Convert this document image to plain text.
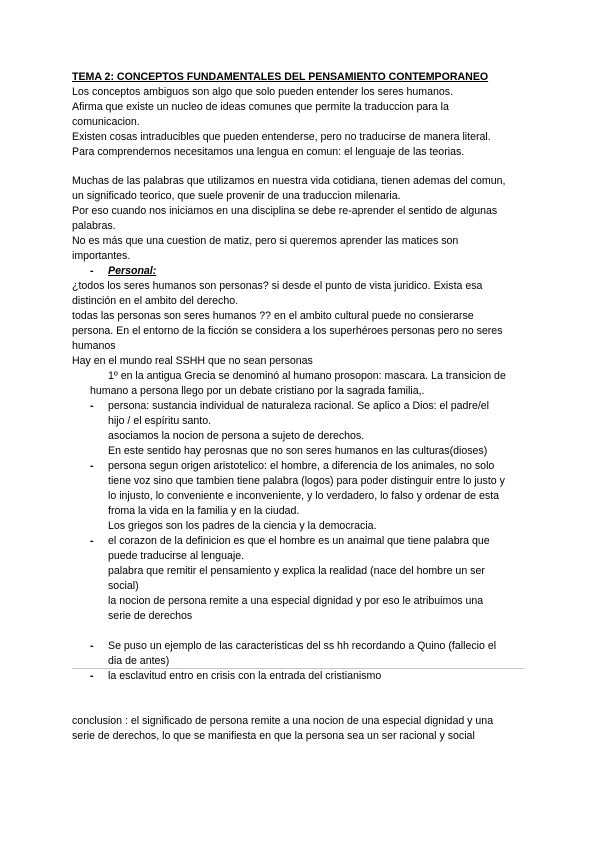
TEMA 2: CONCEPTOS FUNDAMENTALES DEL PENSAMIENTO CONTEMPORANEO
Los conceptos ambiguos son algo que solo pueden entender los seres humanos.
Afirma que existe un nucleo de ideas comunes que permite la traduccion para la
comunicacion.
Existen cosas intraducibles que pueden entenderse, pero no traducirse de manera literal.
Para comprendernos necesitamos una lengua en comun: el lenguaje de las teorias.
Muchas de las palabras que utilizamos en nuestra vida cotidiana, tienen ademas del comun,
un significado teorico, que suele provenir de una traduccion milenaria.
Por eso cuando nos iniciamos en una disciplina se debe re-aprender el sentido de algunas
palabras.
No es más que una cuestion de matiz, pero si queremos aprender las matices son
importantes.
- Personal:
¿todos los seres humanos son personas? si desde el punto de vista juridico. Exista esa
distinción en el ambito del derecho.
todas las personas son seres humanos ?? en el ambito cultural puede no consierarse
persona. En el entorno de la ficción se considera a los superhéroes personas pero no seres
humanos
Hay en el mundo real SSHH que no sean personas
1º en la antigua Grecia se denominó al humano prosopon: mascara. La transicion de
humano a persona llego por un debate cristiano por la sagrada familia,.
- persona: sustancia individual de naturaleza racional. Se aplico a Dios: el padre/el
hijo / el espíritu santo.
asociamos la nocion de persona a sujeto de derechos.
En este sentido hay perosnas que no son seres humanos en las culturas(dioses)
- persona segun origen aristotelico: el hombre, a diferencia de los animales, no solo
tiene voz sino que tambien tiene palabra (logos) para poder distinguir entre lo justo y
lo injusto, lo conveniente e inconveniente, y lo verdadero, lo falso y ordenar de esta
froma la vida en la familia y en la ciudad.
Los griegos son los padres de la ciencia y la democracia.
- el corazon de la definicion es que el hombre es un anaimal que tiene palabra que
puede traducirse al lenguaje.
palabra que remitir el pensamiento y explica la realidad (nace del hombre un ser
social)
la nocion de persona remite a una especial dignidad y por eso le atribuimos una
serie de derechos
- Se puso un ejemplo de las caracteristicas del ss hh recordando a Quino (fallecio el
dia de antes)
- la esclavitud entro en crisis con la entrada del cristianismo
conclusion : el significado de persona remite a una nocion de una especial dignidad y una
serie de derechos, lo que se manifiesta en que la persona sea un ser racional y social
